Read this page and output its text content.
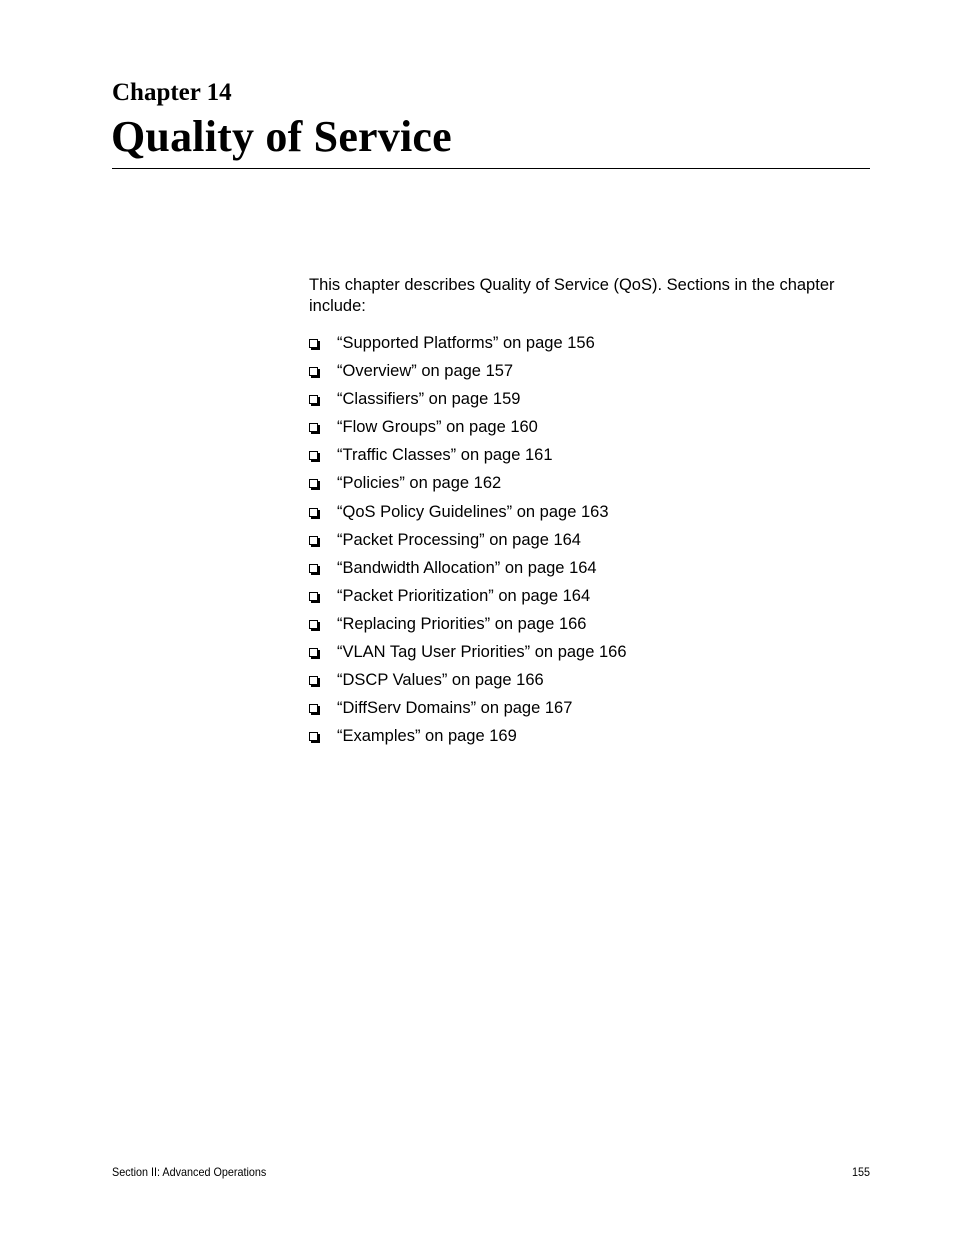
Chapter 14
Quality of Service

This chapter describes Quality of Service (QoS). Sections in the chapter include:

“Supported Platforms” on page 156
“Overview” on page 157
“Classifiers” on page 159
“Flow Groups” on page 160
“Traffic Classes” on page 161
“Policies” on page 162
“QoS Policy Guidelines” on page 163
“Packet Processing” on page 164
“Bandwidth Allocation” on page 164
“Packet Prioritization” on page 164
“Replacing Priorities” on page 166
“VLAN Tag User Priorities” on page 166
“DSCP Values” on page 166
“DiffServ Domains” on page 167
“Examples” on page 169
Section II: Advanced Operations	155
